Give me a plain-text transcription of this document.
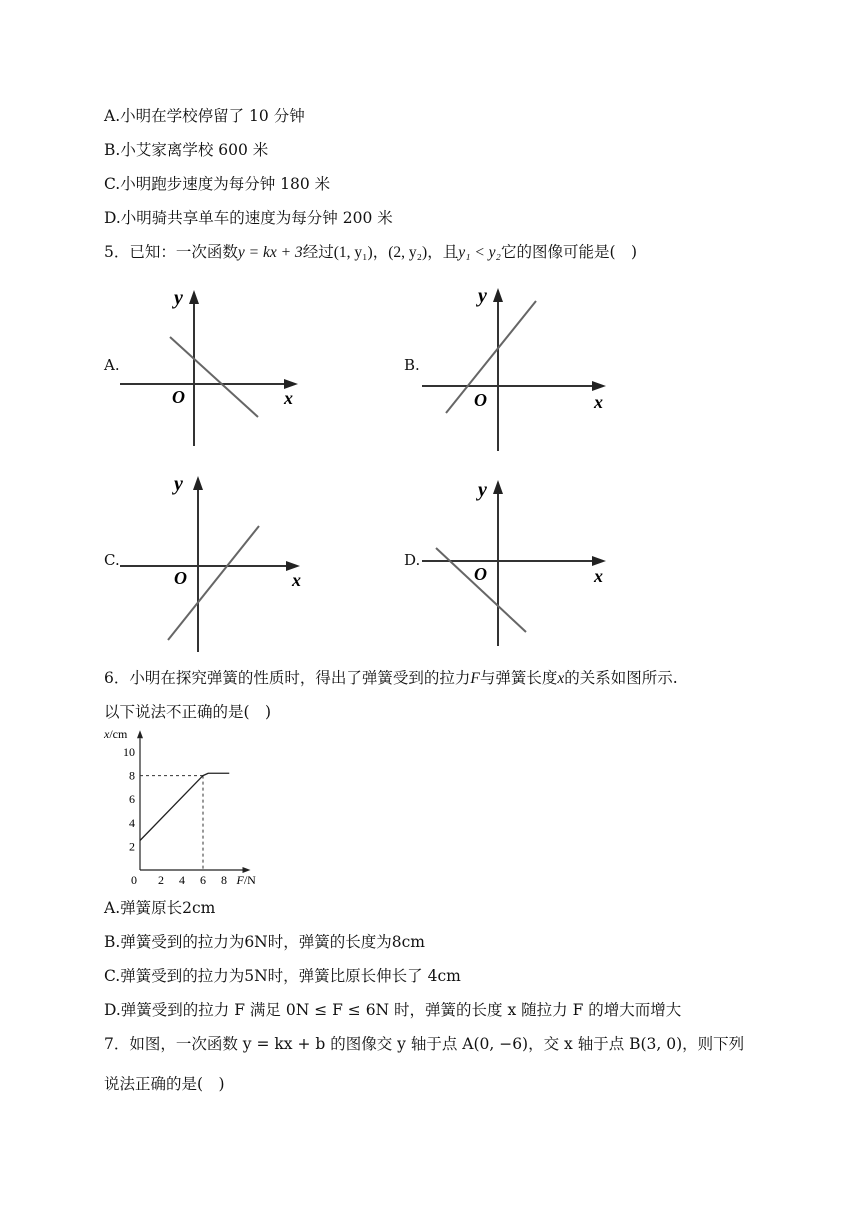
A.小明在学校停留了 10 分钟
B.小艾家离学校 600 米
C.小明跑步速度为每分钟 180 米
D.小明骑共享单车的速度为每分钟 200 米
5．已知：一次函数y = kx + 3经过(1, y₁)，(2, y₂)，且y₁ < y₂它的图像可能是(　)
A.	B.
C.	D.
y
O	x
y
O	x
y
O	x
y
O	x
6．小明在探究弹簧的性质时，得出了弹簧受到的拉力F与弹簧长度x的关系如图所示.
以下说法不正确的是(　)
0 2 4 6 8
2
4
6
8
10
F/N
x/cm
A.弹簧原长2cm
B.弹簧受到的拉力为6N时，弹簧的长度为8cm
C.弹簧受到的拉力为5N时，弹簧比原长伸长了 4cm
D.弹簧受到的拉力 F 满足 0N ≤ F ≤ 6N 时，弹簧的长度 x 随拉力 F 的增大而增大
7．如图，一次函数 y = kx + b 的图像交 y 轴于点 A(0, −6)，交 x 轴于点 B(3, 0)，则下列
说法正确的是(　)
